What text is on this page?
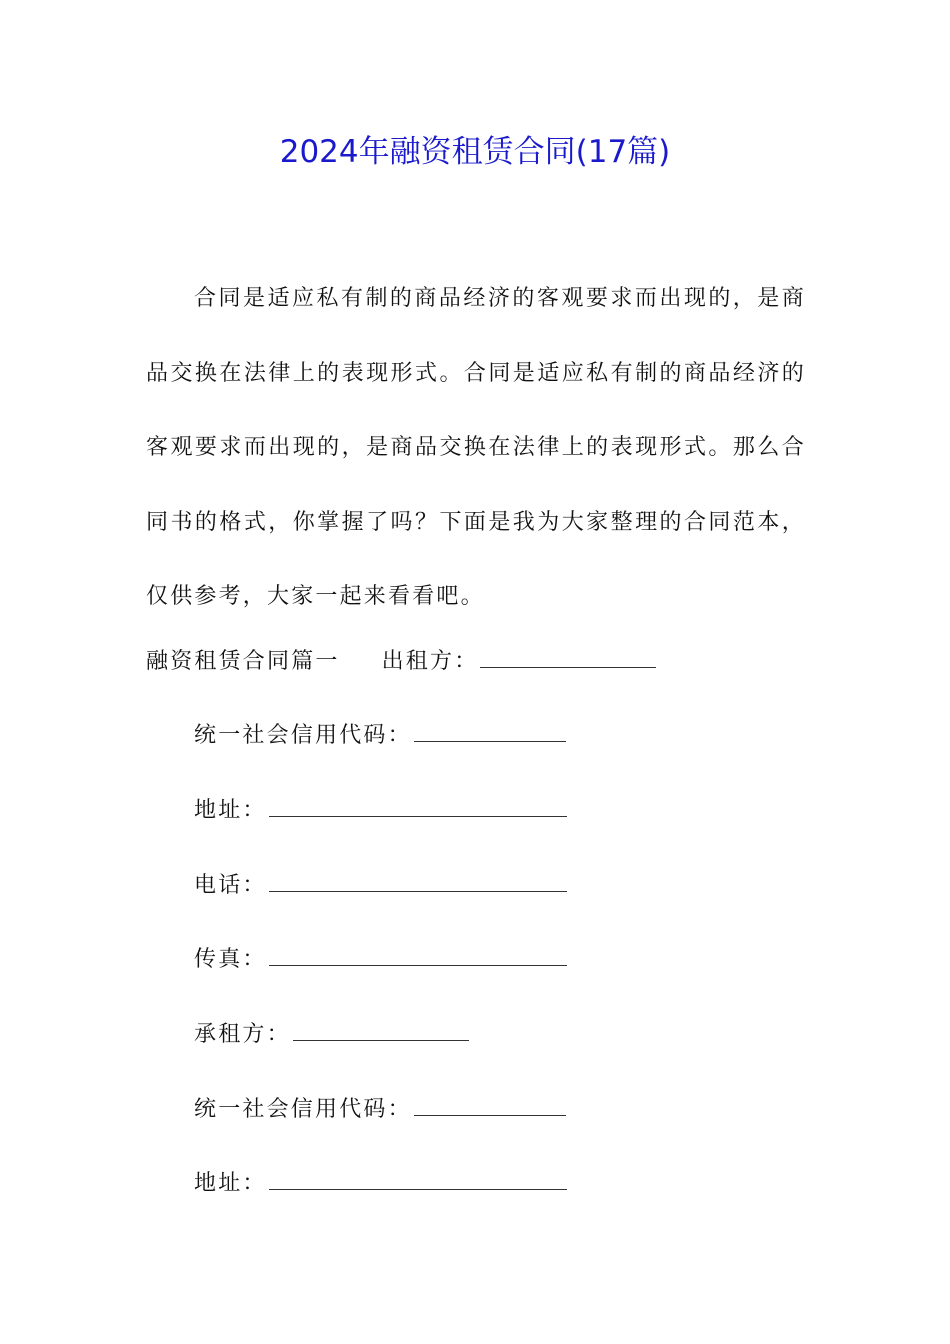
2024年融资租赁合同(17篇)

合同是适应私有制的商品经济的客观要求而出现的，是商品交换在法律上的表现形式。合同是适应私有制的商品经济的客观要求而出现的，是商品交换在法律上的表现形式。那么合同书的格式，你掌握了吗？下面是我为大家整理的合同范本，仅供参考，大家一起来看看吧。

融资租赁合同篇一 出租方：
统一社会信用代码：
地址：
电话：
传真：
承租方：
统一社会信用代码：
地址：
